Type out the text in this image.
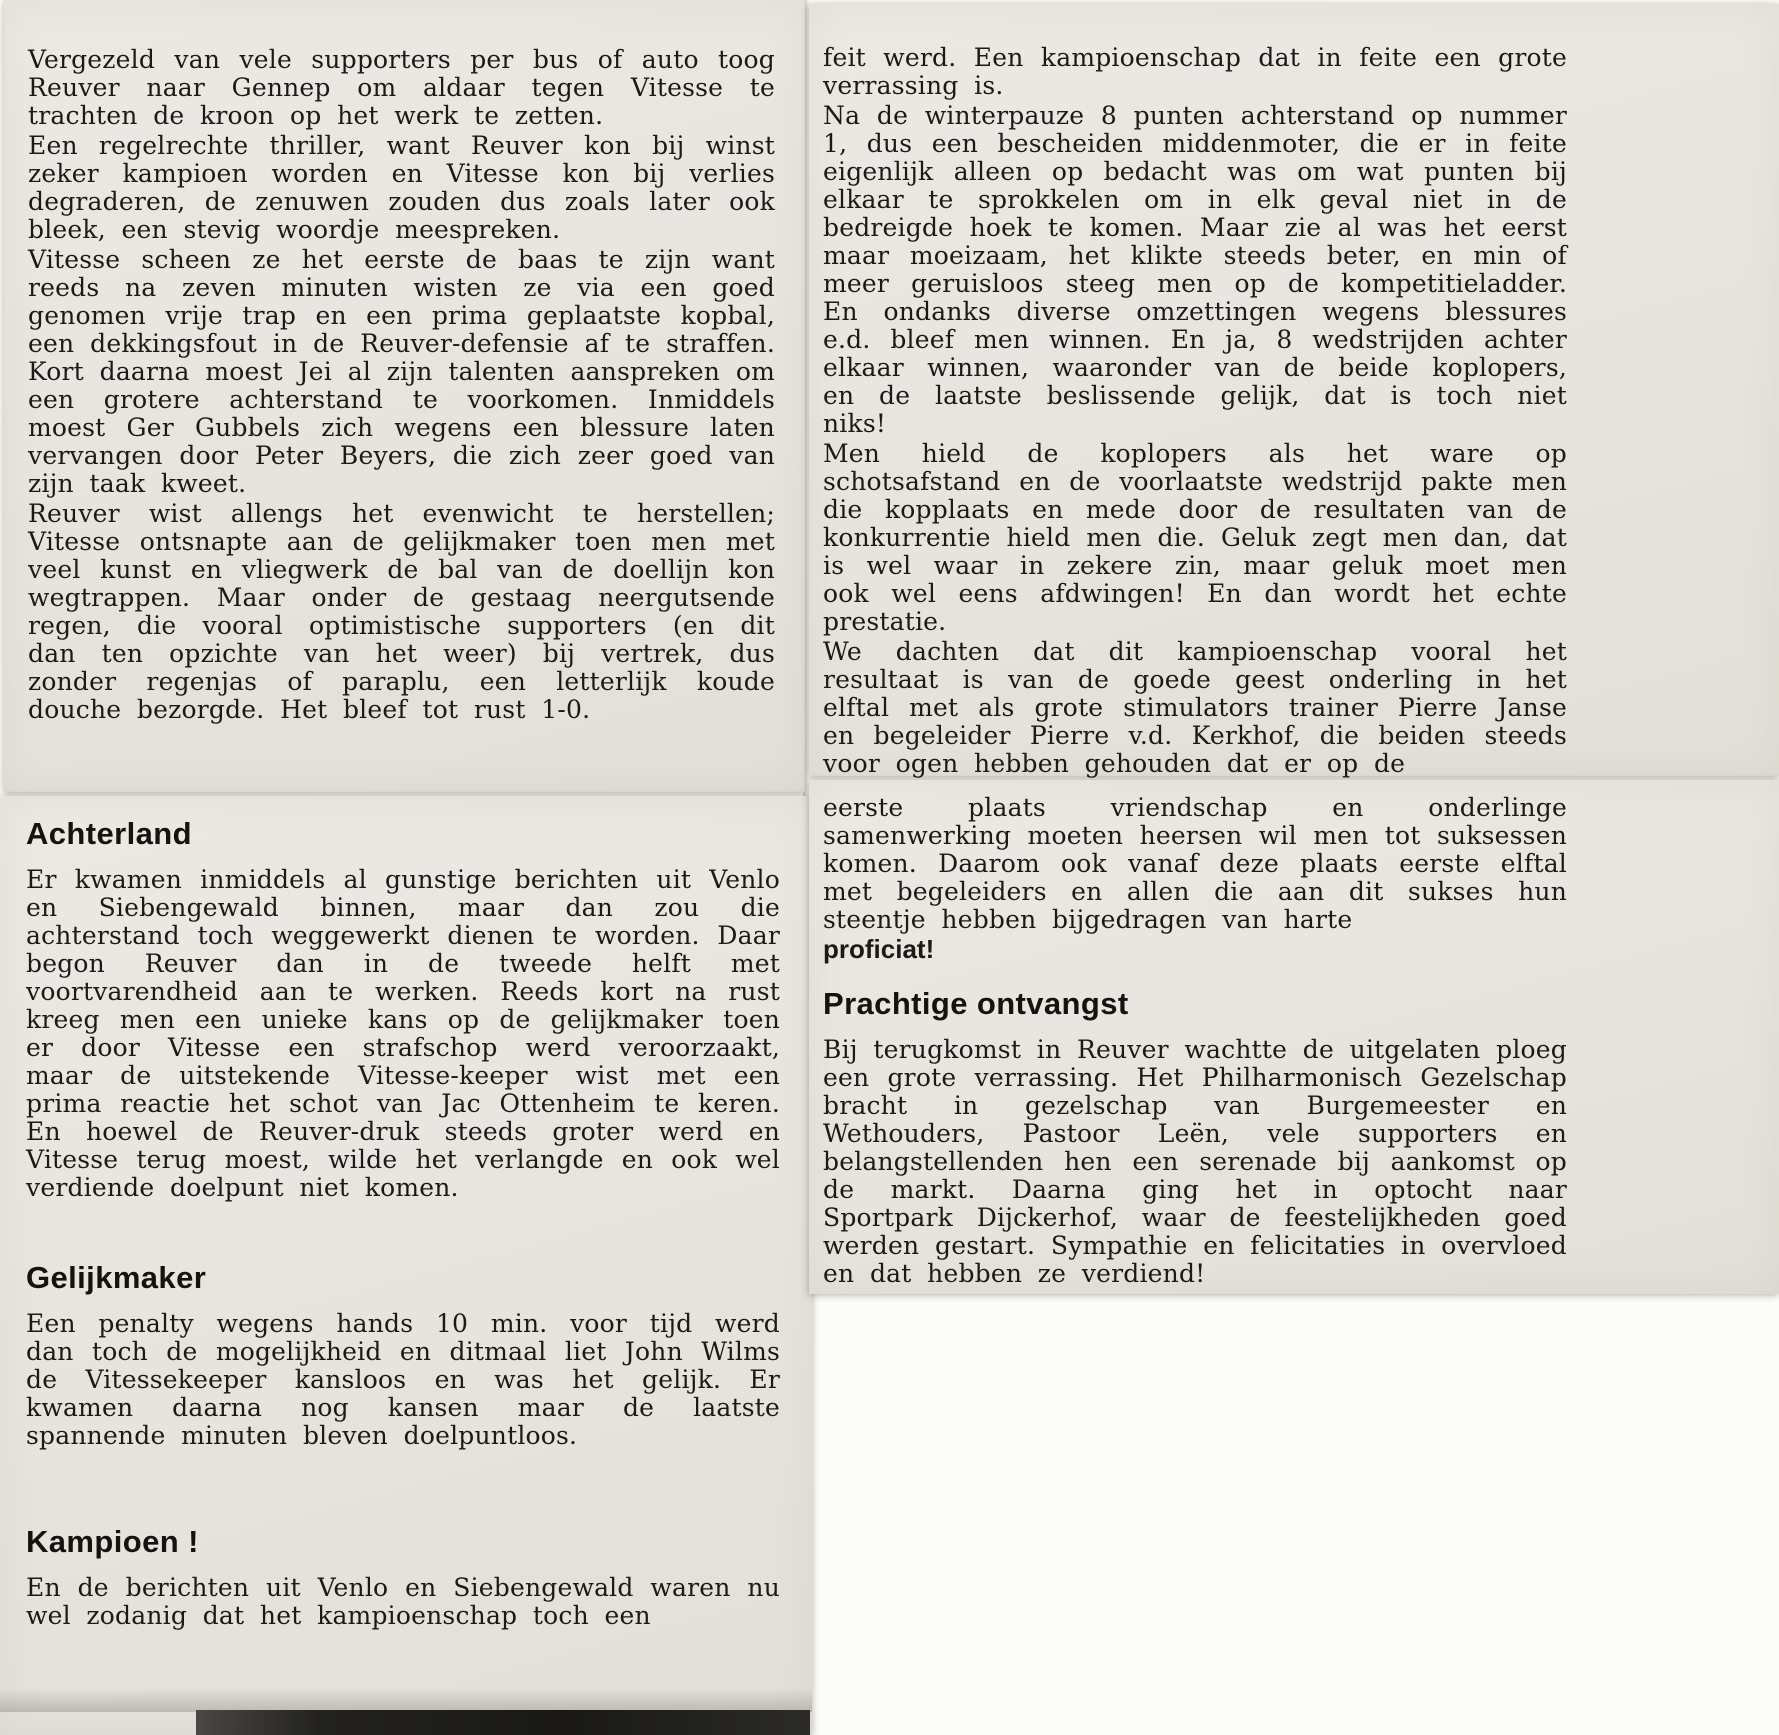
Vergezeld van vele supporters per bus of auto toog Reuver naar Gennep om aldaar tegen Vitesse te trachten de kroon op het werk te zetten.

Een regelrechte thriller, want Reuver kon bij winst zeker kampioen worden en Vitesse kon bij verlies degraderen, de zenuwen zouden dus zoals later ook bleek, een stevig woordje meespreken.

Vitesse scheen ze het eerste de baas te zijn want reeds na zeven minuten wisten ze via een goed genomen vrije trap en een prima geplaatste kopbal, een dekkingsfout in de Reuver-defensie af te straffen. Kort daarna moest Jei al zijn talenten aanspreken om een grotere achterstand te voorkomen. Inmiddels moest Ger Gubbels zich wegens een blessure laten vervangen door Peter Beyers, die zich zeer goed van zijn taak kweet.

Reuver wist allengs het evenwicht te herstellen; Vitesse ontsnapte aan de gelijkmaker toen men met veel kunst en vliegwerk de bal van de doellijn kon wegtrappen. Maar onder de gestaag neergutsende regen, die vooral optimistische supporters (en dit dan ten opzichte van het weer) bij vertrek, dus zonder regenjas of paraplu, een letterlijk koude douche bezorgde. Het bleef tot rust 1-0.

Achterland

Er kwamen inmiddels al gunstige berichten uit Venlo en Siebengewald binnen, maar dan zou die achterstand toch weggewerkt dienen te worden. Daar begon Reuver dan in de tweede helft met voortvarendheid aan te werken. Reeds kort na rust kreeg men een unieke kans op de gelijkmaker toen er door Vitesse een strafschop werd veroorzaakt, maar de uitstekende Vitesse-keeper wist met een prima reactie het schot van Jac Ottenheim te keren. En hoewel de Reuver-druk steeds groter werd en Vitesse terug moest, wilde het verlangde en ook wel verdiende doelpunt niet komen.

Gelijkmaker

Een penalty wegens hands 10 min. voor tijd werd dan toch de mogelijkheid en ditmaal liet John Wilms de Vitessekeeper kansloos en was het gelijk. Er kwamen daarna nog kansen maar de laatste spannende minuten bleven doelpuntloos.

Kampioen !

En de berichten uit Venlo en Siebengewald waren nu wel zodanig dat het kampioenschap toch een

feit werd. Een kampioenschap dat in feite een grote verrassing is.

Na de winterpauze 8 punten achterstand op nummer 1, dus een bescheiden middenmoter, die er in feite eigenlijk alleen op bedacht was om wat punten bij elkaar te sprokkelen om in elk geval niet in de bedreigde hoek te komen. Maar zie al was het eerst maar moeizaam, het klikte steeds beter, en min of meer geruisloos steeg men op de kompetitieladder. En ondanks diverse omzettingen wegens blessures e.d. bleef men winnen. En ja, 8 wedstrijden achter elkaar winnen, waaronder van de beide koplopers, en de laatste beslissende gelijk, dat is toch niet niks!

Men hield de koplopers als het ware op schotsafstand en de voorlaatste wedstrijd pakte men die kopplaats en mede door de resultaten van de konkurrentie hield men die. Geluk zegt men dan, dat is wel waar in zekere zin, maar geluk moet men ook wel eens afdwingen! En dan wordt het echte prestatie.

We dachten dat dit kampioenschap vooral het resultaat is van de goede geest onderling in het elftal met als grote stimulators trainer Pierre Janse en begeleider Pierre v.d. Kerkhof, die beiden steeds voor ogen hebben gehouden dat er op de

eerste plaats vriendschap en onderlinge samenwerking moeten heersen wil men tot suksessen komen. Daarom ook vanaf deze plaats eerste elftal met begeleiders en allen die aan dit sukses hun steentje hebben bijgedragen van harte

proficiat!

Prachtige ontvangst

Bij terugkomst in Reuver wachtte de uitgelaten ploeg een grote verrassing. Het Philharmonisch Gezelschap bracht in gezelschap van Burgemeester en Wethouders, Pastoor Leën, vele supporters en belangstellenden hen een serenade bij aankomst op de markt. Daarna ging het in optocht naar Sportpark Dijckerhof, waar de feestelijkheden goed werden gestart. Sympathie en felicitaties in overvloed en dat hebben ze verdiend!
